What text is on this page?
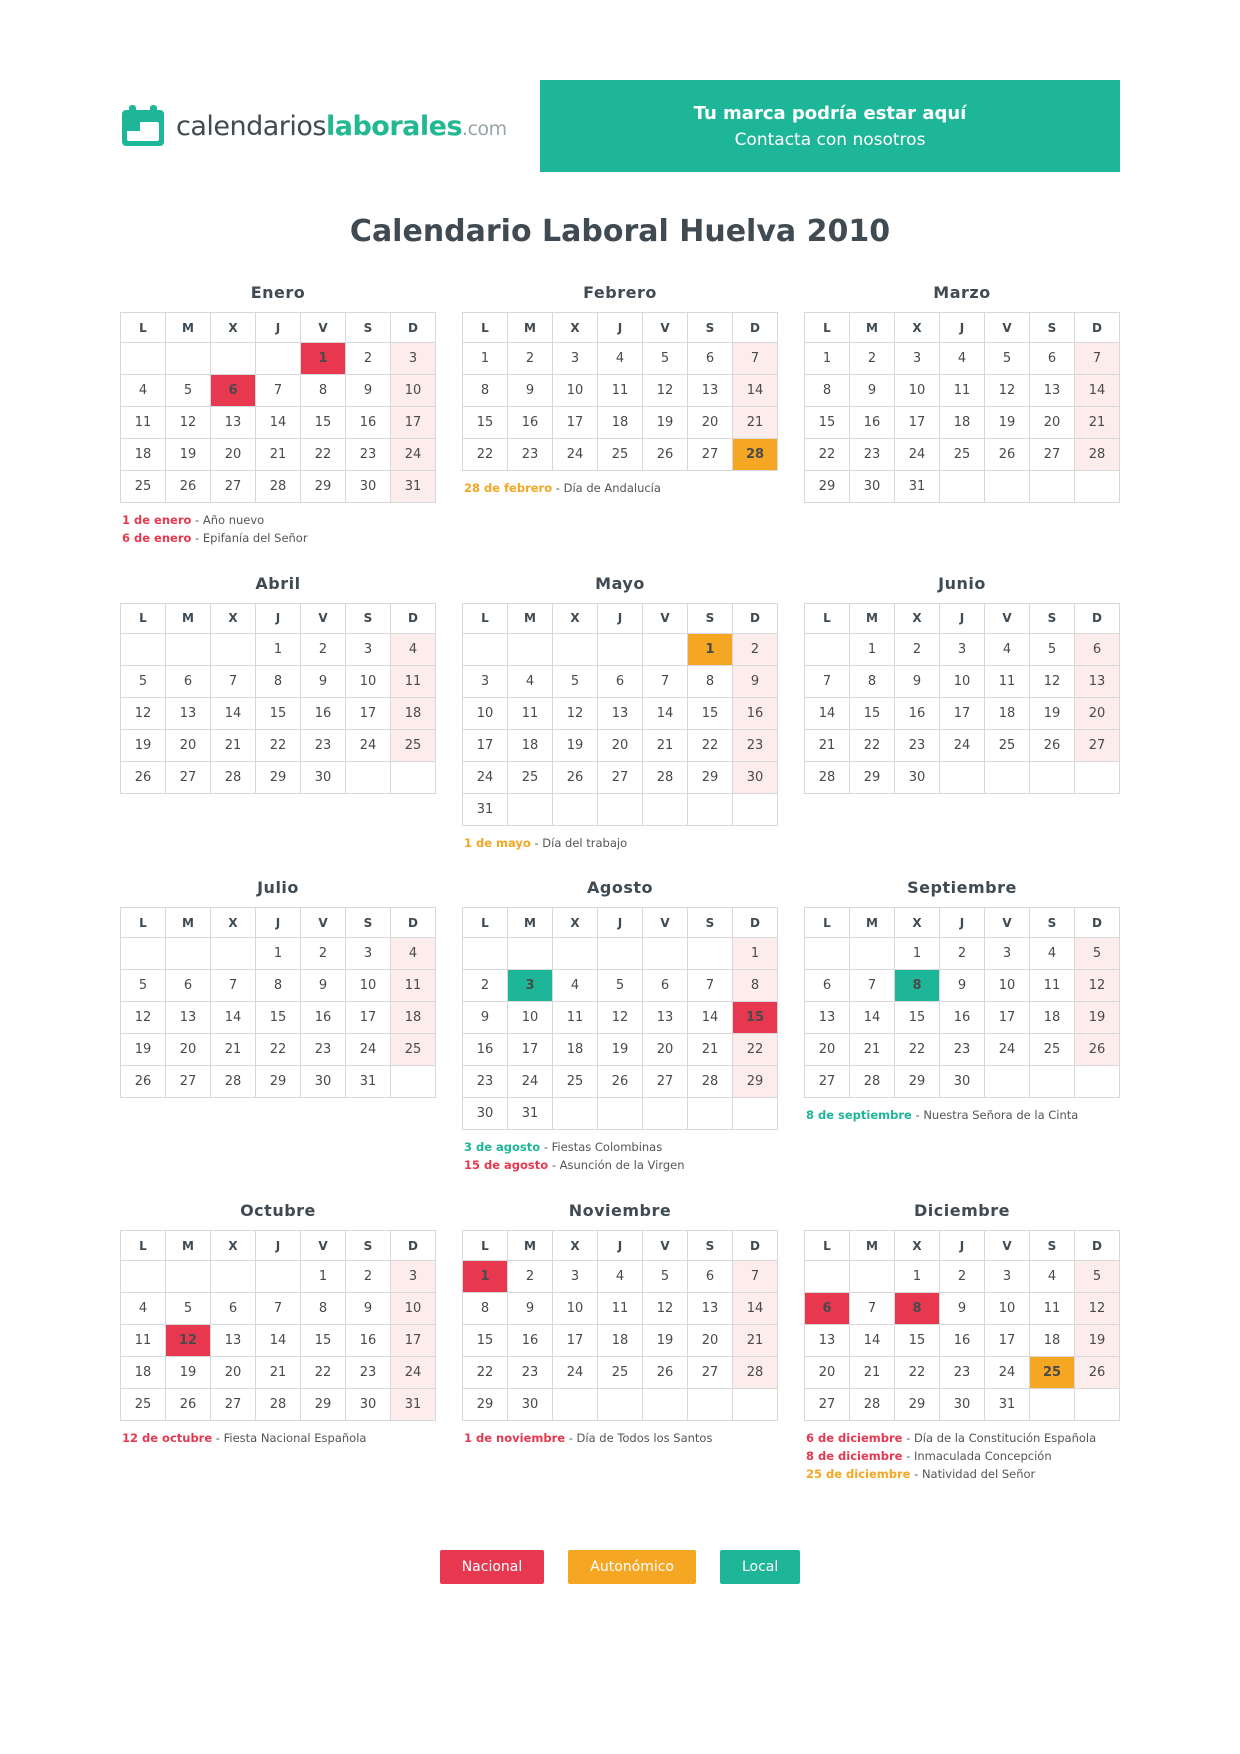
calendarioslaborales.com
Tu marca podría estar aquí
Contacta con nosotros
Calendario Laboral Huelva 2010
Enero
L	M	X	J	V	S	D
				1	2	3
4	5	6	7	8	9	10
11	12	13	14	15	16	17
18	19	20	21	22	23	24
25	26	27	28	29	30	31
1 de enero - Año nuevo
6 de enero - Epifanía del Señor
Febrero
L	M	X	J	V	S	D
1	2	3	4	5	6	7
8	9	10	11	12	13	14
15	16	17	18	19	20	21
22	23	24	25	26	27	28
28 de febrero - Día de Andalucía
Marzo
L	M	X	J	V	S	D
1	2	3	4	5	6	7
8	9	10	11	12	13	14
15	16	17	18	19	20	21
22	23	24	25	26	27	28
29	30	31				
Abril
L	M	X	J	V	S	D
			1	2	3	4
5	6	7	8	9	10	11
12	13	14	15	16	17	18
19	20	21	22	23	24	25
26	27	28	29	30		
Mayo
L	M	X	J	V	S	D
					1	2
3	4	5	6	7	8	9
10	11	12	13	14	15	16
17	18	19	20	21	22	23
24	25	26	27	28	29	30
31						
1 de mayo - Día del trabajo
Junio
L	M	X	J	V	S	D
	1	2	3	4	5	6
7	8	9	10	11	12	13
14	15	16	17	18	19	20
21	22	23	24	25	26	27
28	29	30				
Julio
L	M	X	J	V	S	D
			1	2	3	4
5	6	7	8	9	10	11
12	13	14	15	16	17	18
19	20	21	22	23	24	25
26	27	28	29	30	31	
Agosto
L	M	X	J	V	S	D
						1
2	3	4	5	6	7	8
9	10	11	12	13	14	15
16	17	18	19	20	21	22
23	24	25	26	27	28	29
30	31					
3 de agosto - Fiestas Colombinas
15 de agosto - Asunción de la Virgen
Septiembre
L	M	X	J	V	S	D
		1	2	3	4	5
6	7	8	9	10	11	12
13	14	15	16	17	18	19
20	21	22	23	24	25	26
27	28	29	30			
8 de septiembre - Nuestra Señora de la Cinta
Octubre
L	M	X	J	V	S	D
				1	2	3
4	5	6	7	8	9	10
11	12	13	14	15	16	17
18	19	20	21	22	23	24
25	26	27	28	29	30	31
12 de octubre - Fiesta Nacional Española
Noviembre
L	M	X	J	V	S	D
1	2	3	4	5	6	7
8	9	10	11	12	13	14
15	16	17	18	19	20	21
22	23	24	25	26	27	28
29	30					
1 de noviembre - Día de Todos los Santos
Diciembre
L	M	X	J	V	S	D
		1	2	3	4	5
6	7	8	9	10	11	12
13	14	15	16	17	18	19
20	21	22	23	24	25	26
27	28	29	30	31		
6 de diciembre - Día de la Constitución Española
8 de diciembre - Inmaculada Concepción
25 de diciembre - Natividad del Señor
Nacional	Autonómico	Local
